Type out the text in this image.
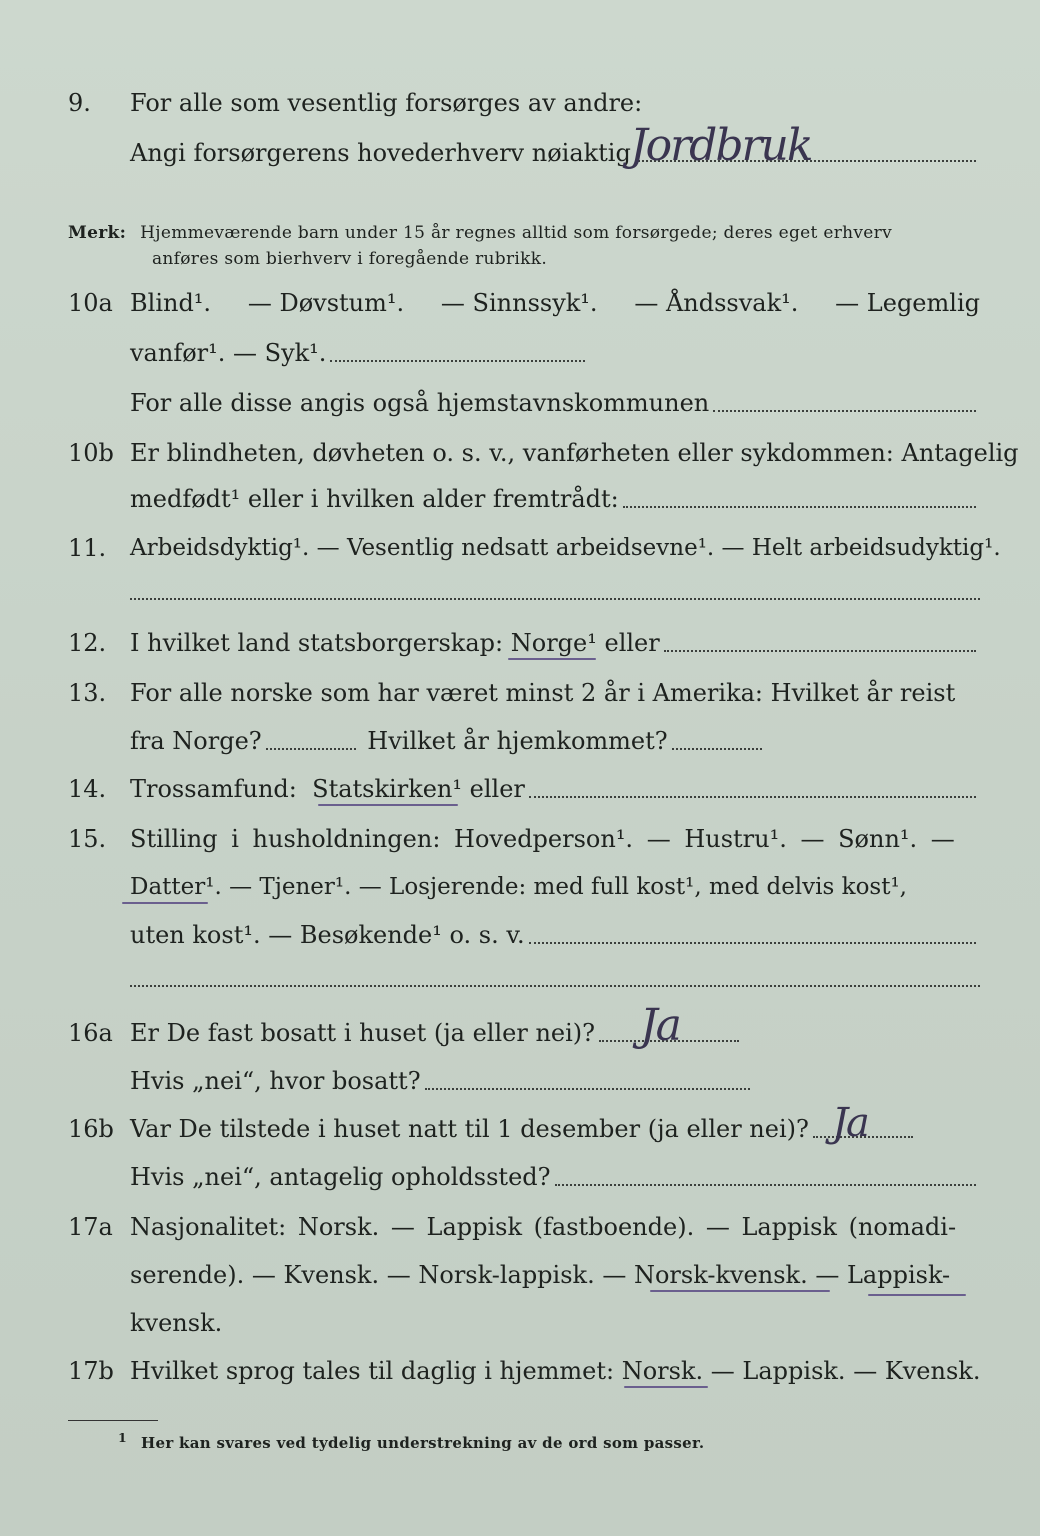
9. For alle som vesentlig forsørges av andre:
Angi forsørgerens hovederhverv nøiaktig Jordbruk
Merk: Hjemmeværende barn under 15 år regnes alltid som forsørgede; deres eget erhverv
anføres som bierhverv i foregående rubrikk.
10a Blind¹. — Døvstum¹. — Sinnssyk¹. — Åndssvak¹. — Legemlig
vanfør¹. — Syk¹.
For alle disse angis også hjemstavnskommunen
10b Er blindheten, døvheten o. s. v., vanførheten eller sykdommen: Antagelig
medfødt¹ eller i hvilken alder fremtrådt:
11. Arbeidsdyktig¹. — Vesentlig nedsatt arbeidsevne¹. — Helt arbeidsudyktig¹.
12. I hvilket land statsborgerskap:
Norge¹
eller
13. For alle norske som har været minst 2 år i Amerika: Hvilket år reist
fra Norge?
	Hvilket år hjemkommet?
14. Trossamfund:
Statskirken¹
eller
15. Stilling i husholdningen: Hovedperson¹. — Hustru¹. — Sønn¹. —
Datter¹.
— Tjener¹. — Losjerende: med full kost¹, med delvis kost¹,
uten kost¹. — Besøkende¹ o. s. v.
16a Er De fast bosatt i huset (ja eller nei)? Ja
Hvis „nei“, hvor bosatt?
16b Var De tilstede i huset natt til 1 desember (ja eller nei)? Ja
Hvis „nei“, antagelig opholdssted?
17a Nasjonalitet: Norsk. — Lappisk (fastboende). — Lappisk (nomadi-
serende). — Kvensk. — Norsk-lappisk. —
Norsk-kvensk.
— Lappisk-
kvensk.
17b Hvilket sprog tales til daglig i hjemmet:
Norsk.
— Lappisk. — Kvensk.
$^1$ Her kan svares ved tydelig understrekning av de ord som passer.
